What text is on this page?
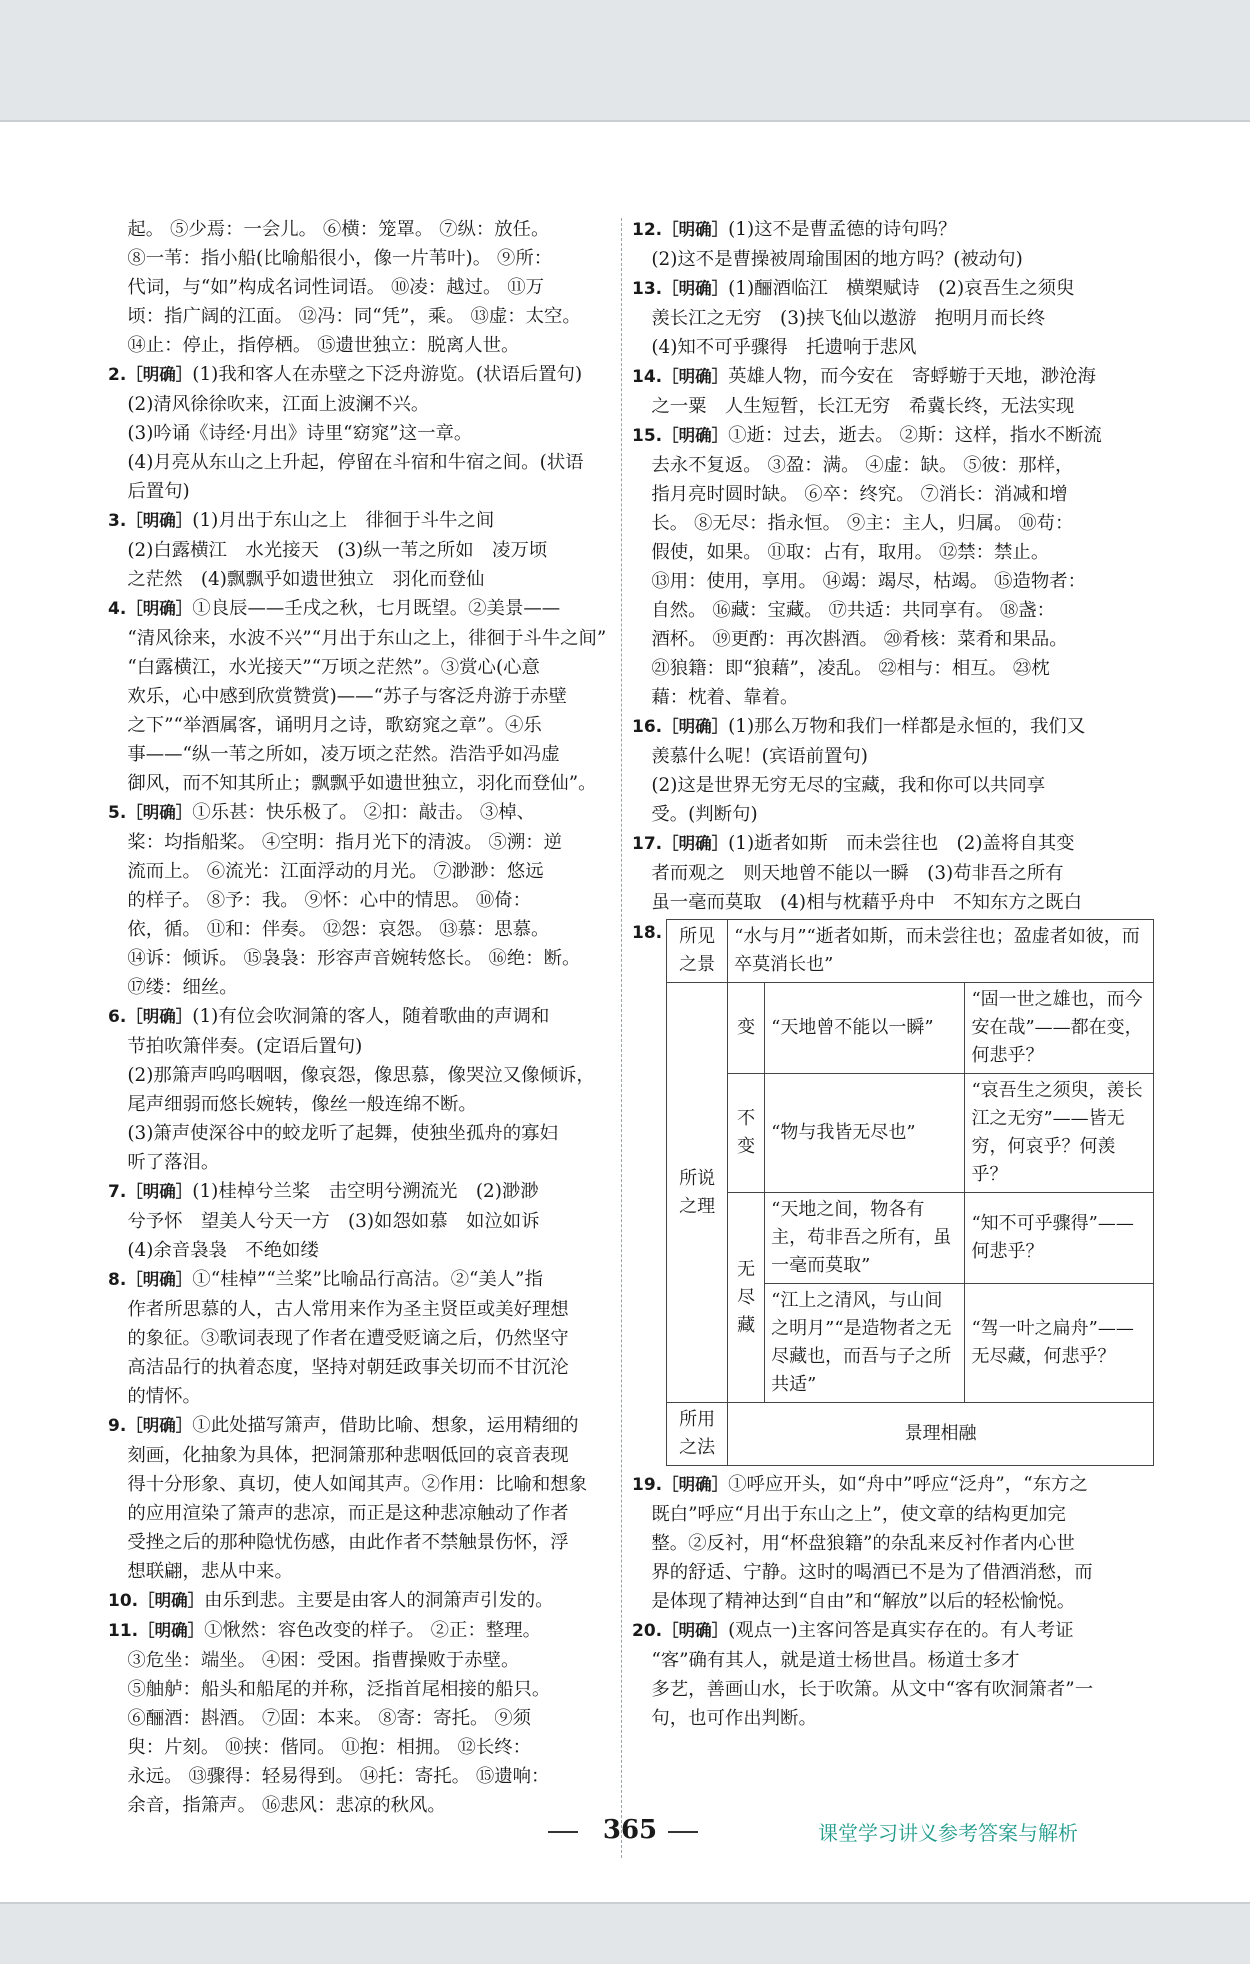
起。 ⑤少焉：一会儿。 ⑥横：笼罩。 ⑦纵：放任。
⑧一苇：指小船(比喻船很小，像一片苇叶)。 ⑨所：
代词，与“如”构成名词性词语。 ⑩凌：越过。 ⑪万
顷：指广阔的江面。 ⑫冯：同“凭”，乘。 ⑬虚：太空。
⑭止：停止，指停栖。 ⑮遗世独立：脱离人世。
2.［明确］(1)我和客人在赤壁之下泛舟游览。(状语后置句)
(2)清风徐徐吹来，江面上波澜不兴。
(3)吟诵《诗经·月出》诗里“窈窕”这一章。
(4)月亮从东山之上升起，停留在斗宿和牛宿之间。(状语
后置句)
3.［明确］(1)月出于东山之上　徘徊于斗牛之间
(2)白露横江　水光接天　(3)纵一苇之所如　凌万顷
之茫然　(4)飘飘乎如遗世独立　羽化而登仙
4.［明确］①良辰——壬戌之秋，七月既望。②美景——
“清风徐来，水波不兴”“月出于东山之上，徘徊于斗牛之间”
“白露横江，水光接天”“万顷之茫然”。③赏心(心意
欢乐，心中感到欣赏赞赏)——“苏子与客泛舟游于赤壁
之下”“举酒属客，诵明月之诗，歌窈窕之章”。④乐
事——“纵一苇之所如，凌万顷之茫然。浩浩乎如冯虚
御风，而不知其所止；飘飘乎如遗世独立，羽化而登仙”。
5.［明确］①乐甚：快乐极了。 ②扣：敲击。 ③棹、
桨：均指船桨。 ④空明：指月光下的清波。 ⑤溯：逆
流而上。 ⑥流光：江面浮动的月光。 ⑦渺渺：悠远
的样子。 ⑧予：我。 ⑨怀：心中的情思。 ⑩倚：
依，循。 ⑪和：伴奏。 ⑫怨：哀怨。 ⑬慕：思慕。
⑭诉：倾诉。 ⑮袅袅：形容声音婉转悠长。 ⑯绝：断。
⑰缕：细丝。
6.［明确］(1)有位会吹洞箫的客人，随着歌曲的声调和
节拍吹箫伴奏。(定语后置句)
(2)那箫声呜呜咽咽，像哀怨，像思慕，像哭泣又像倾诉，
尾声细弱而悠长婉转，像丝一般连绵不断。
(3)箫声使深谷中的蛟龙听了起舞，使独坐孤舟的寡妇
听了落泪。
7.［明确］(1)桂棹兮兰桨　击空明兮溯流光　(2)渺渺
兮予怀　望美人兮天一方　(3)如怨如慕　如泣如诉
(4)余音袅袅　不绝如缕
8.［明确］①“桂棹”“兰桨”比喻品行高洁。②“美人”指
作者所思慕的人，古人常用来作为圣主贤臣或美好理想
的象征。③歌词表现了作者在遭受贬谪之后，仍然坚守
高洁品行的执着态度，坚持对朝廷政事关切而不甘沉沦
的情怀。
9.［明确］①此处描写箫声，借助比喻、想象，运用精细的
刻画，化抽象为具体，把洞箫那种悲咽低回的哀音表现
得十分形象、真切，使人如闻其声。②作用：比喻和想象
的应用渲染了箫声的悲凉，而正是这种悲凉触动了作者
受挫之后的那种隐忧伤感，由此作者不禁触景伤怀，浮
想联翩，悲从中来。
10.［明确］由乐到悲。主要是由客人的洞箫声引发的。
11.［明确］①愀然：容色改变的样子。 ②正：整理。
③危坐：端坐。 ④困：受困。指曹操败于赤壁。
⑤舳舻：船头和船尾的并称，泛指首尾相接的船只。
⑥酾酒：斟酒。 ⑦固：本来。 ⑧寄：寄托。 ⑨须
臾：片刻。 ⑩挟：偕同。 ⑪抱：相拥。 ⑫长终：
永远。 ⑬骤得：轻易得到。 ⑭托：寄托。 ⑮遗响：
余音，指箫声。 ⑯悲风：悲凉的秋风。
12.［明确］(1)这不是曹孟德的诗句吗？
(2)这不是曹操被周瑜围困的地方吗？(被动句)
13.［明确］(1)酾酒临江　横槊赋诗　(2)哀吾生之须臾
羡长江之无穷　(3)挟飞仙以遨游　抱明月而长终
(4)知不可乎骤得　托遗响于悲风
14.［明确］英雄人物，而今安在　寄蜉蝣于天地，渺沧海
之一粟　人生短暂，长江无穷　希冀长终，无法实现
15.［明确］①逝：过去，逝去。 ②斯：这样，指水不断流
去永不复返。 ③盈：满。 ④虚：缺。 ⑤彼：那样，
指月亮时圆时缺。 ⑥卒：终究。 ⑦消长：消减和增
长。 ⑧无尽：指永恒。 ⑨主：主人，归属。 ⑩苟：
假使，如果。 ⑪取：占有，取用。 ⑫禁：禁止。
⑬用：使用，享用。 ⑭竭：竭尽，枯竭。 ⑮造物者：
自然。 ⑯藏：宝藏。 ⑰共适：共同享有。 ⑱盏：
酒杯。 ⑲更酌：再次斟酒。 ⑳肴核：菜肴和果品。
㉑狼籍：即“狼藉”，凌乱。 ㉒相与：相互。 ㉓枕
藉：枕着、靠着。
16.［明确］(1)那么万物和我们一样都是永恒的，我们又
羡慕什么呢！(宾语前置句)
(2)这是世界无穷无尽的宝藏，我和你可以共同享
受。(判断句)
17.［明确］(1)逝者如斯　而未尝往也　(2)盖将自其变
者而观之　则天地曾不能以一瞬　(3)苟非吾之所有
虽一毫而莫取　(4)相与枕藉乎舟中　不知东方之既白
18. 所见之景	“水与月”“逝者如斯，而未尝往也；盈虚者如彼，而卒莫消长也”		
所说之理	变	“天地曾不能以一瞬”	“固一世之雄也，而今安在哉”——都在变，何悲乎？
	不变	“物与我皆无尽也”	“哀吾生之须臾，羡长江之无穷”——皆无穷，何哀乎？何羡乎？
	无尽藏	“天地之间，物各有主，苟非吾之所有，虽一毫而莫取”	“知不可乎骤得”——何悲乎？
		“江上之清风，与山间之明月”“是造物者之无尽藏也，而吾与子之所共适”	“驾一叶之扁舟”——无尽藏，何悲乎？
所用之法	景理相融		
19.［明确］①呼应开头，如“舟中”呼应“泛舟”，“东方之
既白”呼应“月出于东山之上”，使文章的结构更加完
整。②反衬，用“杯盘狼籍”的杂乱来反衬作者内心世
界的舒适、宁静。这时的喝酒已不是为了借酒消愁，而
是体现了精神达到“自由”和“解放”以后的轻松愉悦。
20.［明确］(观点一)主客问答是真实存在的。有人考证
“客”确有其人，就是道士杨世昌。杨道士多才
多艺，善画山水，长于吹箫。从文中“客有吹洞箫者”一
句，也可作出判断。
365	课堂学习讲义参考答案与解析
